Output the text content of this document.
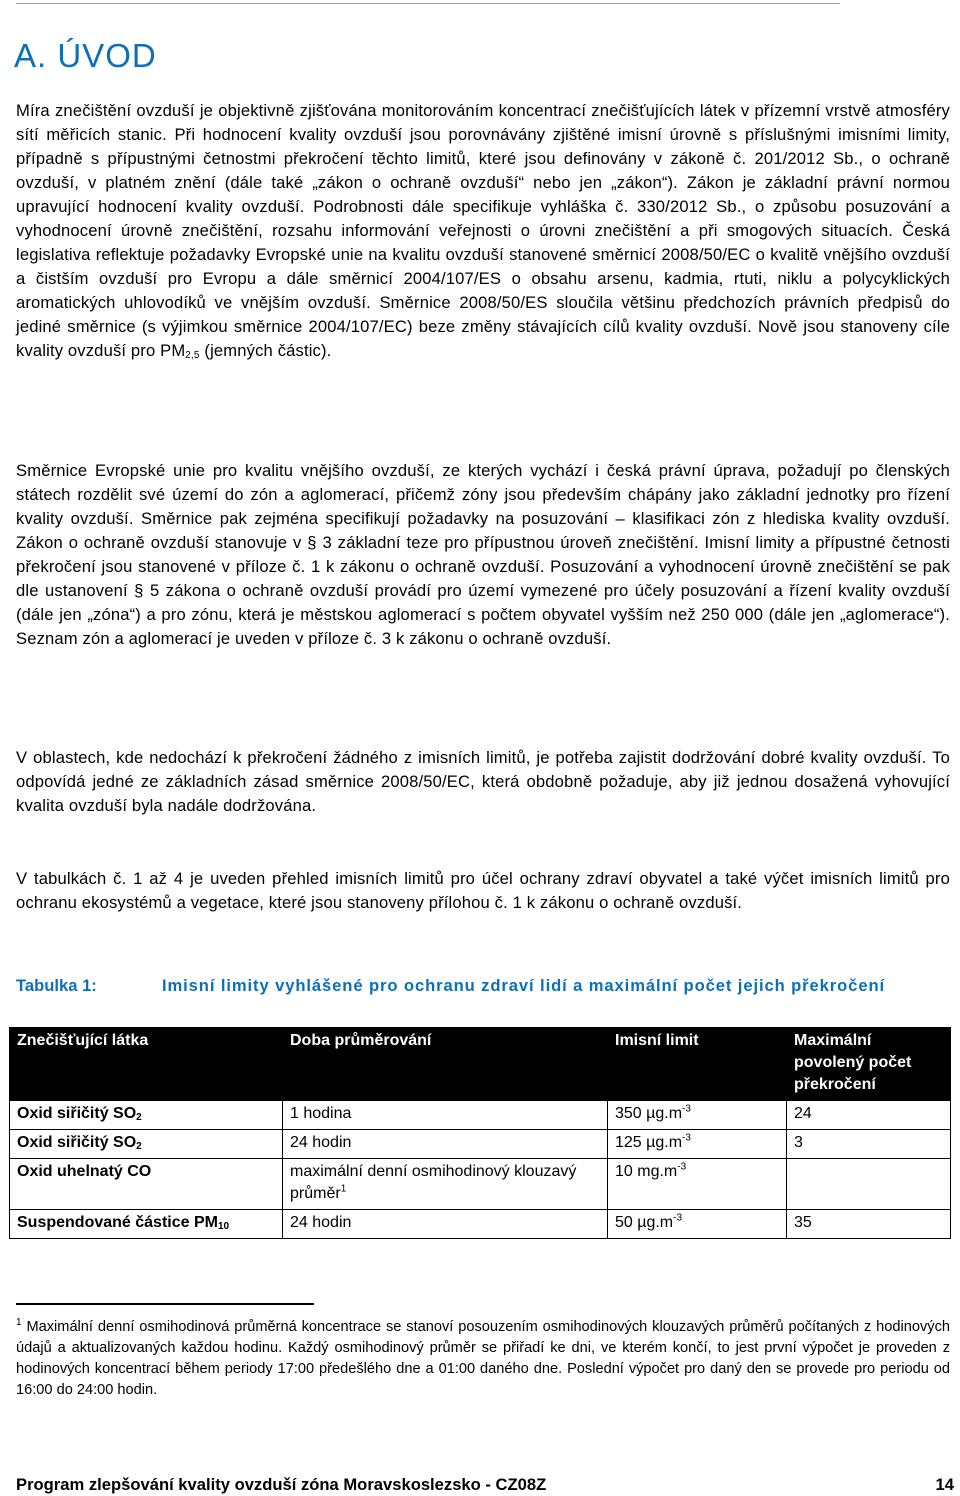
A. ÚVOD

Míra znečištění ovzduší je objektivně zjišťována monitorováním koncentrací znečišťujících látek v přízemní vrstvě atmosféry sítí měřicích stanic. Při hodnocení kvality ovzduší jsou porovnávány zjištěné imisní úrovně s příslušnými imisními limity, případně s přípustnými četnostmi překročení těchto limitů, které jsou definovány v zákoně č. 201/2012 Sb., o ochraně ovzduší, v platném znění (dále také „zákon o ochraně ovzduší“ nebo jen „zákon“). Zákon je základní právní normou upravující hodnocení kvality ovzduší. Podrobnosti dále specifikuje vyhláška č. 330/2012 Sb., o způsobu posuzování a vyhodnocení úrovně znečištění, rozsahu informování veřejnosti o úrovni znečištění a při smogových situacích. Česká legislativa reflektuje požadavky Evropské unie na kvalitu ovzduší stanovené směrnicí 2008/50/EC o kvalitě vnějšího ovzduší a čistším ovzduší pro Evropu a dále směrnicí 2004/107/ES o obsahu arsenu, kadmia, rtuti, niklu a polycyklických aromatických uhlovodíků ve vnějším ovzduší. Směrnice 2008/50/ES sloučila většinu předchozích právních předpisů do jediné směrnice (s výjimkou směrnice 2004/107/EC) beze změny stávajících cílů kvality ovzduší. Nově jsou stanoveny cíle kvality ovzduší pro $PM_{2,5}$ (jemných částic).

Směrnice Evropské unie pro kvalitu vnějšího ovzduší, ze kterých vychází i česká právní úprava, požadují po členských státech rozdělit své území do zón a aglomerací, přičemž zóny jsou především chápány jako základní jednotky pro řízení kvality ovzduší. Směrnice pak zejména specifikují požadavky na posuzování – klasifikaci zón z hlediska kvality ovzduší. Zákon o ochraně ovzduší stanovuje v § 3 základní teze pro přípustnou úroveň znečištění. Imisní limity a přípustné četnosti překročení jsou stanovené v příloze č. 1 k zákonu o ochraně ovzduší. Posuzování a vyhodnocení úrovně znečištění se pak dle ustanovení § 5 zákona o ochraně ovzduší provádí pro území vymezené pro účely posuzování a řízení kvality ovzduší (dále jen „zóna“) a pro zónu, která je městskou aglomerací s počtem obyvatel vyšším než 250 000 (dále jen „aglomerace“). Seznam zón a aglomerací je uveden v příloze č. 3 k zákonu o ochraně ovzduší.

V oblastech, kde nedochází k překročení žádného z imisních limitů, je potřeba zajistit dodržování dobré kvality ovzduší. To odpovídá jedné ze základních zásad směrnice 2008/50/EC, která obdobně požaduje, aby již jednou dosažená vyhovující kvalita ovzduší byla nadále dodržována.

V tabulkách č. 1 až 4 je uveden přehled imisních limitů pro účel ochrany zdraví obyvatel a také výčet imisních limitů pro ochranu ekosystémů a vegetace, které jsou stanoveny přílohou č. 1 k zákonu o ochraně ovzduší.

Tabulka 1:	Imisní limity vyhlášené pro ochranu zdraví lidí a maximální počet jejich překročení
Znečišťující látka	Doba průměrování	Imisní limit	Maximální povolený počet překročení
Oxid siřičitý $SO_2$	1 hodina	350 $\mu g.m^{-3}$	24
Oxid siřičitý $SO_2$	24 hodin	125 $\mu g.m^{-3}$	3
Oxid uhelnatý CO	maximální denní osmihodinový klouzavý průměr$^1$	10 $mg.m^{-3}$	
Suspendované částice $PM_{10}$	24 hodin	50 $\mu g.m^{-3}$	35

$^1$ Maximální denní osmihodinová průměrná koncentrace se stanoví posouzením osmihodinových klouzavých průměrů počítaných z hodinových údajů a aktualizovaných každou hodinu. Každý osmihodinový průměr se přiřadí ke dni, ve kterém končí, to jest první výpočet je proveden z hodinových koncentrací během periody 17:00 předešlého dne a 01:00 daného dne. Poslední výpočet pro daný den se provede pro periodu od 16:00 do 24:00 hodin.

Program zlepšování kvality ovzduší zóna Moravskoslezsko - CZ08Z	14
